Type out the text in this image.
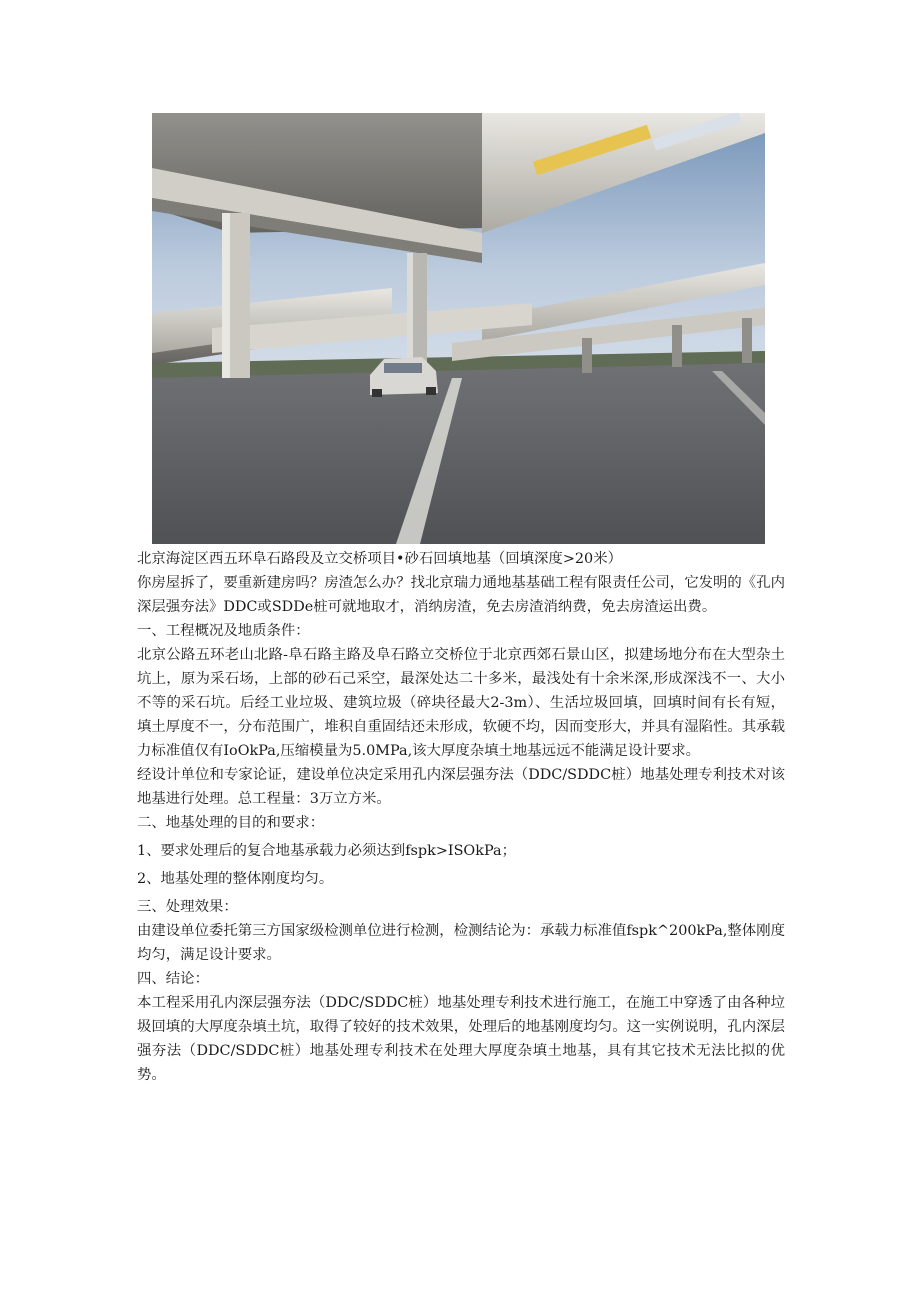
北京海淀区西五环阜石路段及立交桥项目•砂石回填地基（回填深度>20米）

你房屋拆了，要重新建房吗？房渣怎么办？找北京瑞力通地基基础工程有限责任公司，它发明的《孔内深层强夯法》DDC或SDDe桩可就地取才，消纳房渣，免去房渣消纳费，免去房渣运出费。

一、工程概况及地质条件：

北京公路五环老山北路-阜石路主路及阜石路立交桥位于北京西郊石景山区，拟建场地分布在大型杂土坑上，原为采石场，上部的砂石己采空，最深处达二十多米，最浅处有十余米深,形成深浅不一、大小不等的采石坑。后经工业垃圾、建筑垃圾（碎块径最大2-3m）、生活垃圾回填，回填时间有长有短，填土厚度不一，分布范围广，堆积自重固结还未形成，软硬不均，因而变形大，并具有湿陷性。其承载力标准值仅有IoOkPa,压缩模量为5.0MPa,该大厚度杂填土地基远远不能满足设计要求。

经设计单位和专家论证，建设单位决定采用孔内深层强夯法（DDC/SDDC桩）地基处理专利技术对该地基进行处理。总工程量：3万立方米。

二、地基处理的目的和要求：

1、要求处理后的复合地基承载力必须达到fspk>ISOkPa；

2、地基处理的整体刚度均匀。

三、处理效果：

由建设单位委托第三方国家级检测单位进行检测，检测结论为：承载力标准值fspk^200kPa,整体刚度均匀，满足设计要求。

四、结论：

本工程采用孔内深层强夯法（DDC/SDDC桩）地基处理专利技术进行施工，在施工中穿透了由各种垃圾回填的大厚度杂填土坑，取得了较好的技术效果，处理后的地基刚度均匀。这一实例说明，孔内深层强夯法（DDC/SDDC桩）地基处理专利技术在处理大厚度杂填土地基，具有其它技术无法比拟的优势。
